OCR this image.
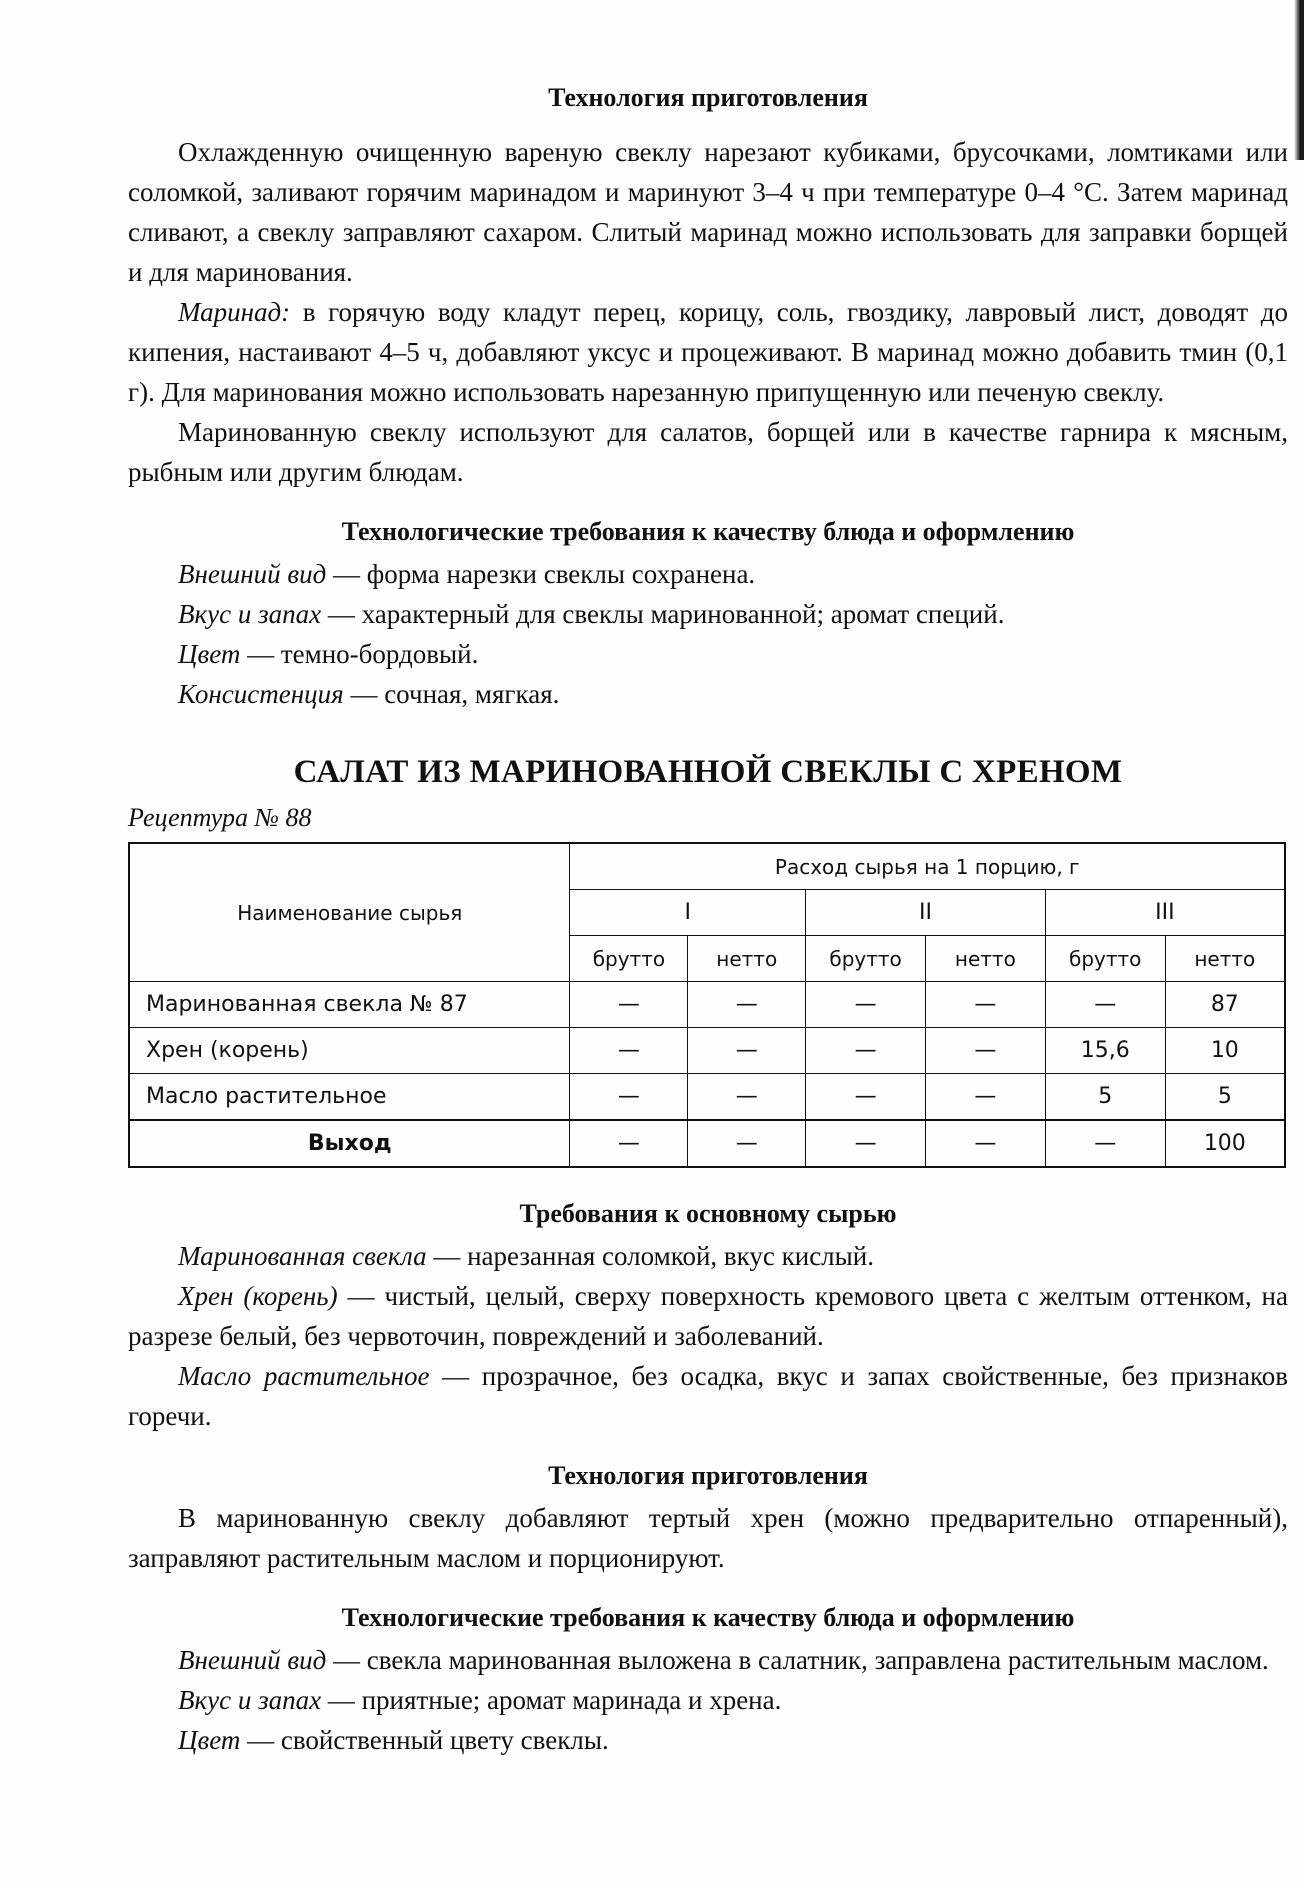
Технология приготовления

Охлажденную очищенную вареную свеклу нарезают кубиками, брусочками, ломтиками или соломкой, заливают горячим маринадом и маринуют 3–4 ч при температуре 0–4 °С. Затем маринад сливают, а свеклу заправляют сахаром. Слитый маринад можно использовать для заправки борщей и для маринования.

Маринад: в горячую воду кладут перец, корицу, соль, гвоздику, лавровый лист, доводят до кипения, настаивают 4–5 ч, добавляют уксус и процеживают. В маринад можно добавить тмин (0,1 г). Для маринования можно использовать нарезанную припущенную или печеную свеклу.

Маринованную свеклу используют для салатов, борщей или в качестве гарнира к мясным, рыбным или другим блюдам.

Технологические требования к качеству блюда и оформлению

Внешний вид — форма нарезки свеклы сохранена.

Вкус и запах — характерный для свеклы маринованной; аромат специй.

Цвет — темно-бордовый.

Консистенция — сочная, мягкая.

САЛАТ ИЗ МАРИНОВАННОЙ СВЕКЛЫ С ХРЕНОМ
Рецептура № 88
Наименование сырья	Расход сырья на 1 порцию, г					
	I		II		III	
	брутто	нетто	брутто	нетто	брутто	нетто
Маринованная свекла № 87	—	—	—	—	—	87
Хрен (корень)	—	—	—	—	15,6	10
Масло растительное	—	—	—	—	5	5
Выход	—	—	—	—	—	100
Требования к основному сырью

Маринованная свекла — нарезанная соломкой, вкус кислый.

Хрен (корень) — чистый, целый, сверху поверхность кремового цвета с желтым оттенком, на разрезе белый, без червоточин, повреждений и заболеваний.

Масло растительное — прозрачное, без осадка, вкус и запах свойственные, без признаков горечи.

Технология приготовления

В маринованную свеклу добавляют тертый хрен (можно предварительно отпаренный), заправляют растительным маслом и порционируют.

Технологические требования к качеству блюда и оформлению

Внешний вид — свекла маринованная выложена в салатник, заправлена растительным маслом.

Вкус и запах — приятные; аромат маринада и хрена.

Цвет — свойственный цвету свеклы.
